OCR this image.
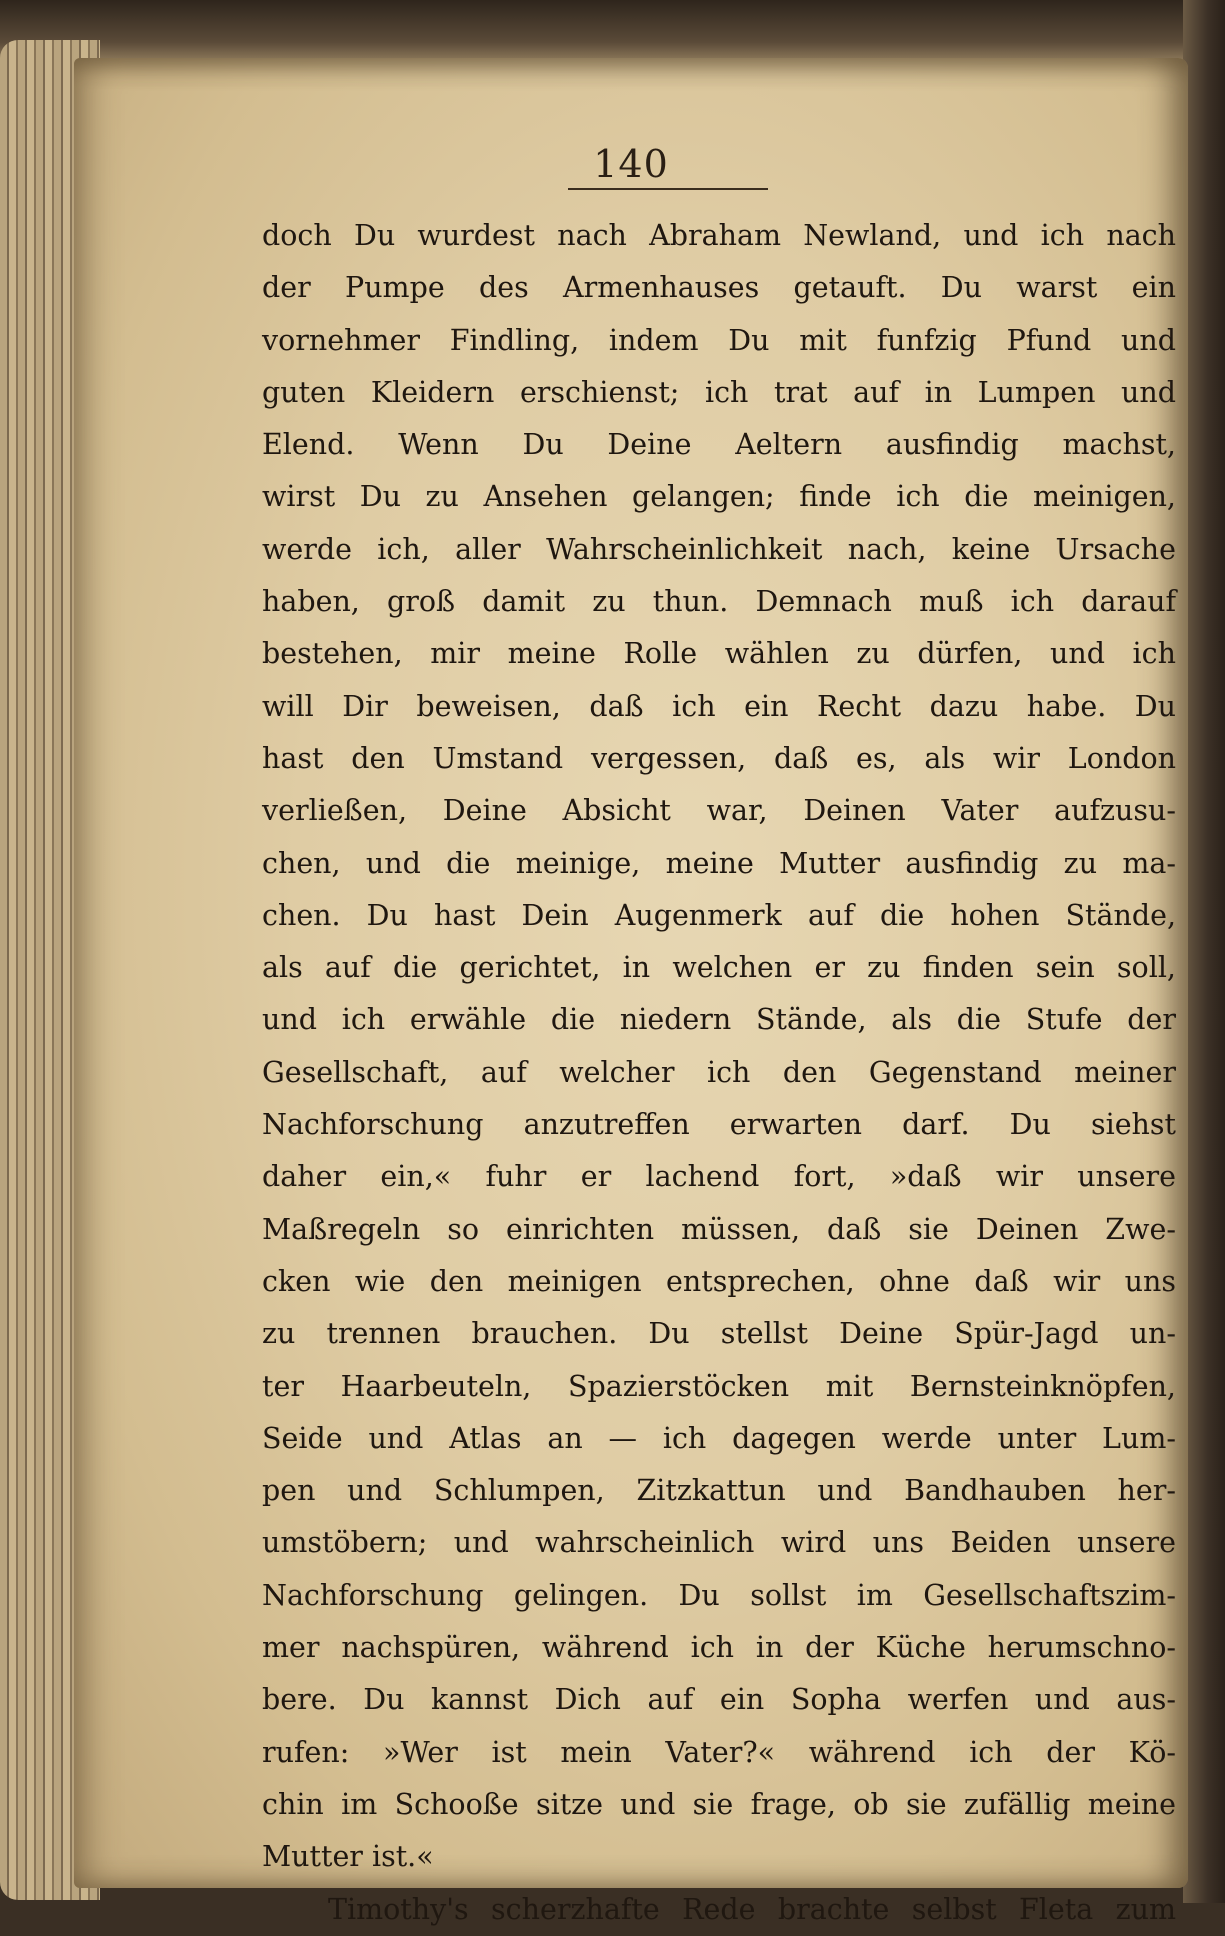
140
doch Du wurdest nach Abraham Newland, und ich nach
der Pumpe des Armenhauses getauft. Du warst ein
vornehmer Findling, indem Du mit funfzig Pfund und
guten Kleidern erschienst; ich trat auf in Lumpen und
Elend. Wenn Du Deine Aeltern ausfindig machst,
wirst Du zu Ansehen gelangen; finde ich die meinigen,
werde ich, aller Wahrscheinlichkeit nach, keine Ursache
haben, groß damit zu thun. Demnach muß ich darauf
bestehen, mir meine Rolle wählen zu dürfen, und ich
will Dir beweisen, daß ich ein Recht dazu habe. Du
hast den Umstand vergessen, daß es, als wir London
verließen, Deine Absicht war, Deinen Vater aufzusu-
chen, und die meinige, meine Mutter ausfindig zu ma-
chen. Du hast Dein Augenmerk auf die hohen Stände,
als auf die gerichtet, in welchen er zu finden sein soll,
und ich erwähle die niedern Stände, als die Stufe der
Gesellschaft, auf welcher ich den Gegenstand meiner
Nachforschung anzutreffen erwarten darf. Du siehst
daher ein,« fuhr er lachend fort, »daß wir unsere
Maßregeln so einrichten müssen, daß sie Deinen Zwe-
cken wie den meinigen entsprechen, ohne daß wir uns
zu trennen brauchen. Du stellst Deine Spür-Jagd un-
ter Haarbeuteln, Spazierstöcken mit Bernsteinknöpfen,
Seide und Atlas an — ich dagegen werde unter Lum-
pen und Schlumpen, Zitzkattun und Bandhauben her-
umstöbern; und wahrscheinlich wird uns Beiden unsere
Nachforschung gelingen. Du sollst im Gesellschaftszim-
mer nachspüren, während ich in der Küche herumschno-
bere. Du kannst Dich auf ein Sopha werfen und aus-
rufen: »Wer ist mein Vater?« während ich der Kö-
chin im Schooße sitze und sie frage, ob sie zufällig meine
Mutter ist.«
Timothy's scherzhafte Rede brachte selbst Fleta zum
